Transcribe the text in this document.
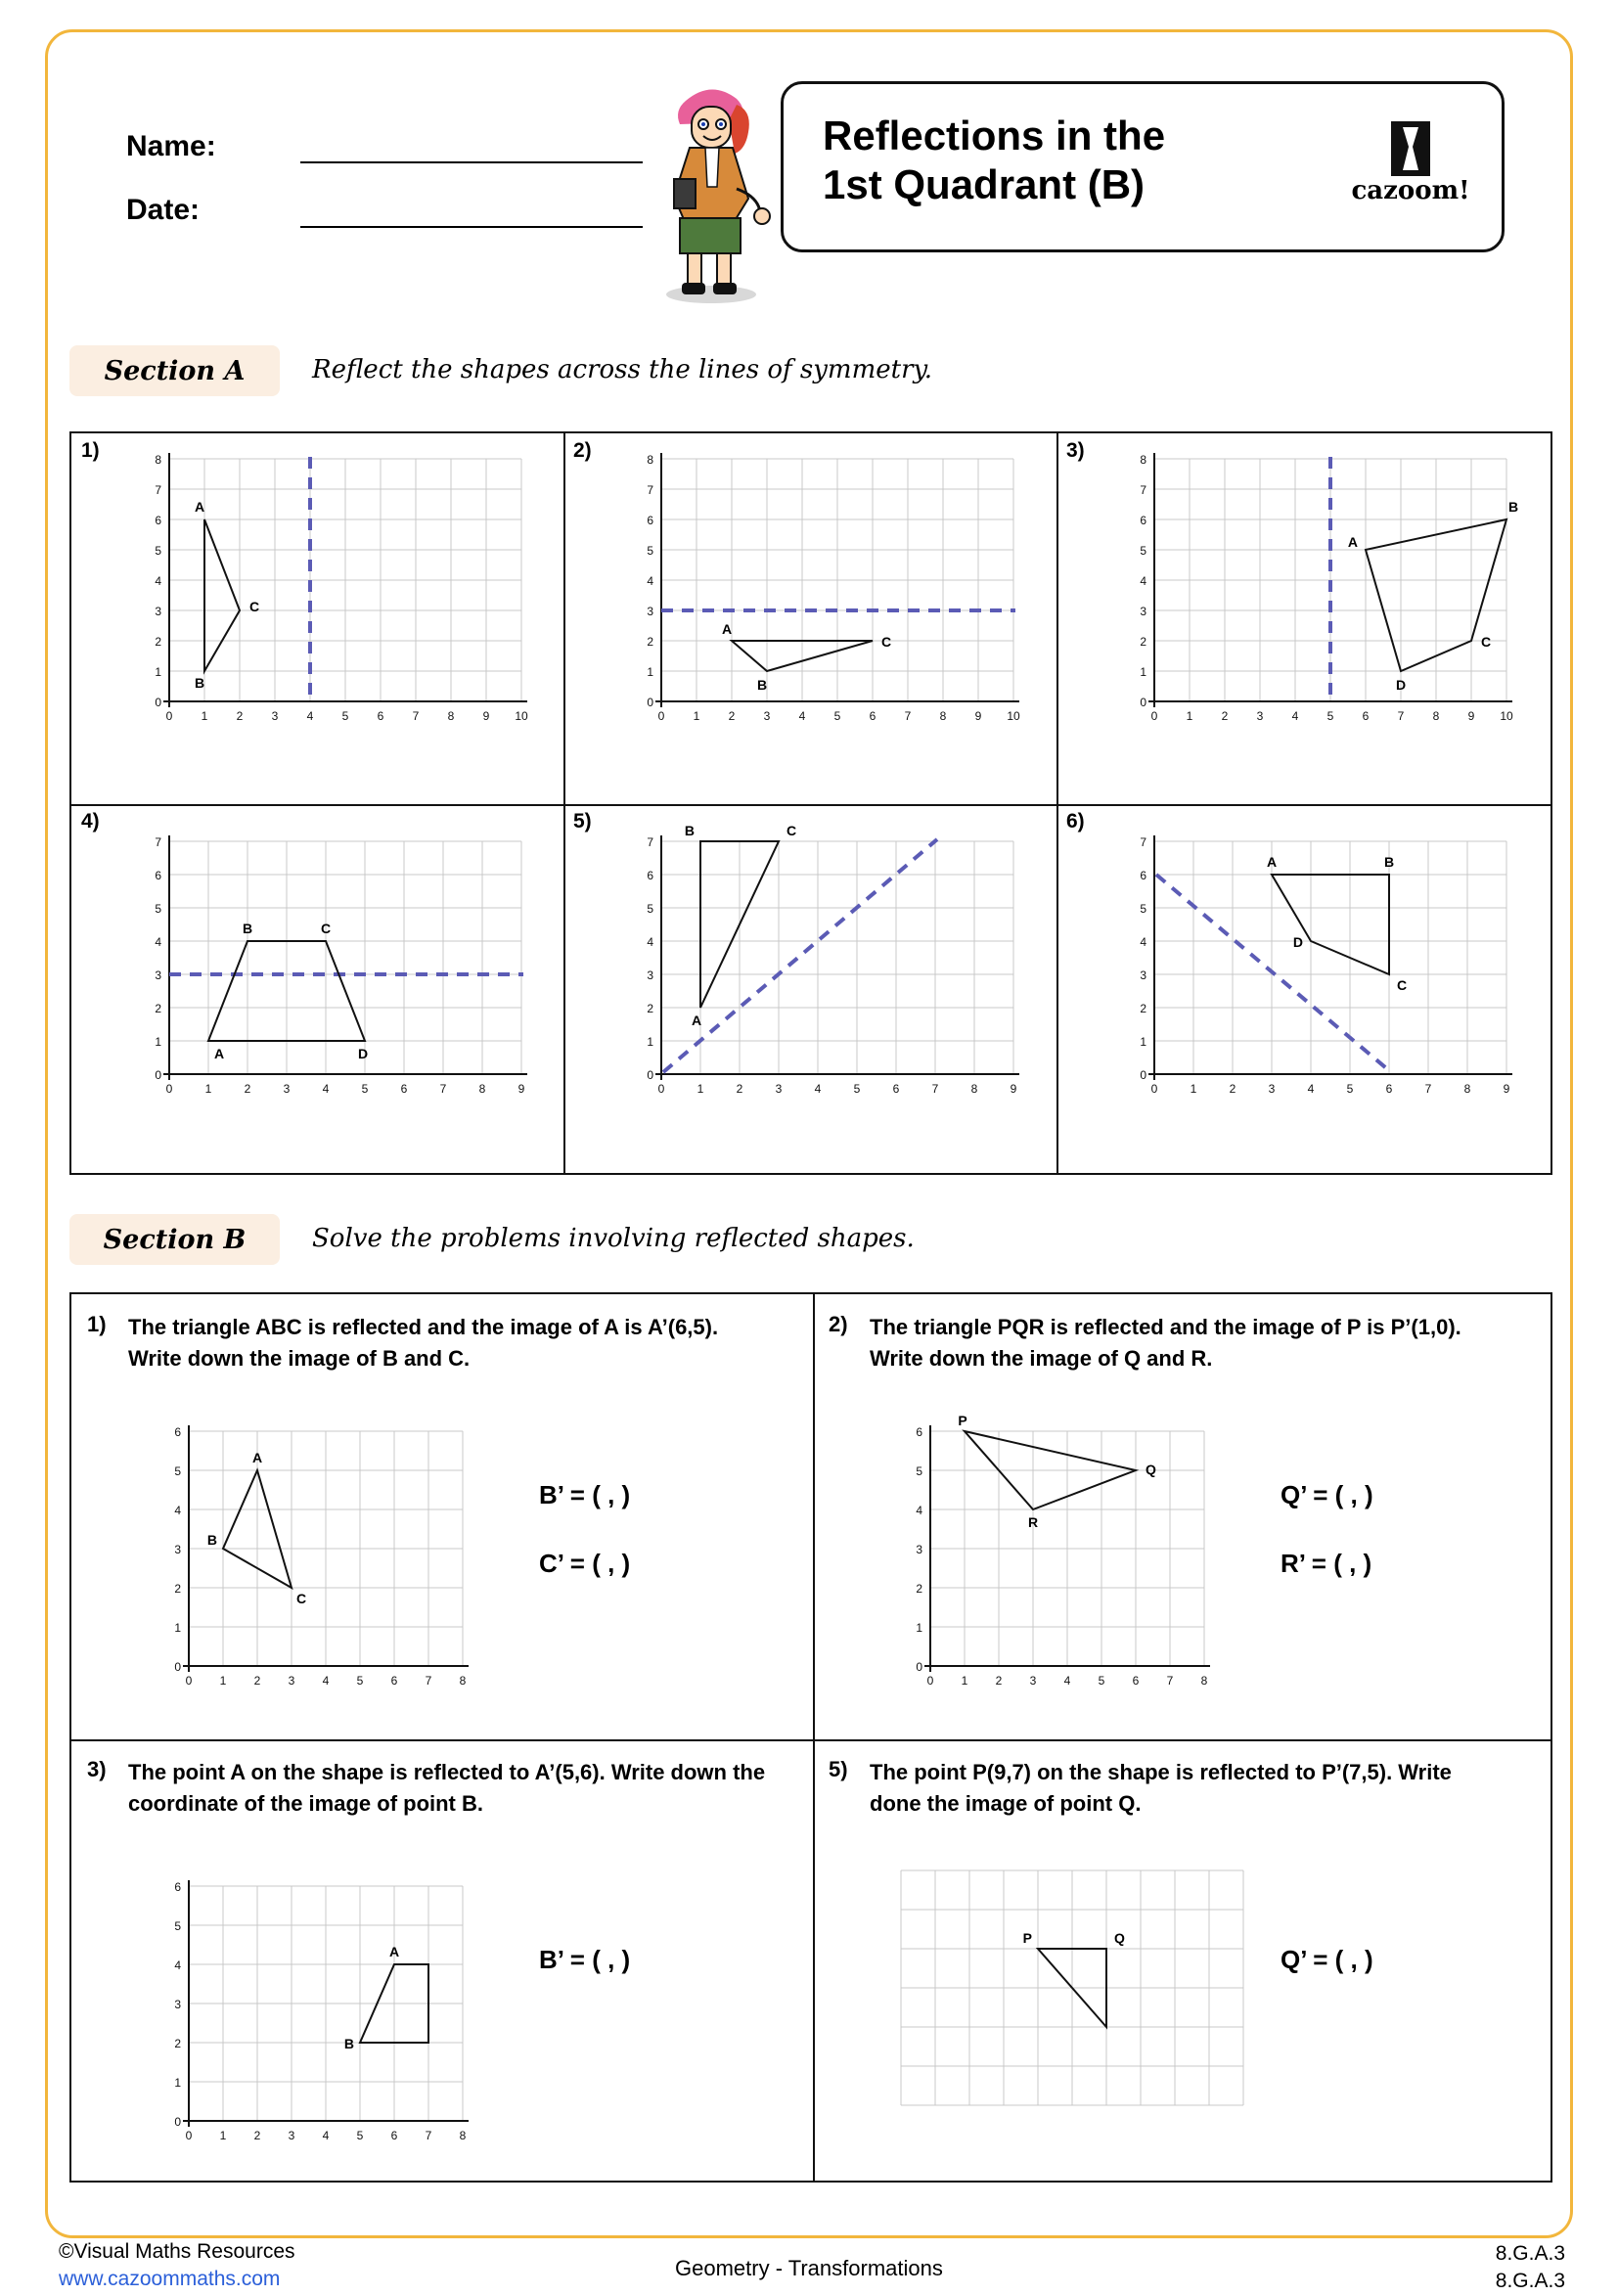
Name:
Date:
Reflections in the
1st Quadrant (B)	cazoom!
Section A	Reflect the shapes across the lines of symmetry.
1)
0 1 2 3 4 5 6 7 8 9 10
8
7
6
5
4
3
2
1
0
A
B
C
2)
0 1 2 3 4 5 6 7 8 9 10
8
7
6
5
4
3
2
1
0
A
B
C
3)
0 1 2 3 4 5 6 7 8 9 10
8
7
6
5
4
3
2
1
0
A
B
C
D
4)
0	1	2	3	4	5	6	7	8	9
7
6
5
4
3
2
1
0
A
B	C
D
5)
0	1	2	3	4	5	6	7	8	9
7
6
5
4
3
2
1
0
B	C
A
6)
0	1	2	3	4	5	6	7	8	9
7
6
5
4
3
2
1
0
A	B
C
D
Section B	Solve the problems involving reflected shapes.
1) The triangle ABC is reflected and the image of A is A’(6,5). Write down the image of B and C.
B’ = ( , )
C’ = ( , )
0 1 2 3 4 5 6 7 8
6
5
4
3
2
1
0
A
B
C
2) The triangle PQR is reflected and the image of P is P’(1,0). Write down the image of Q and R.
Q’ = ( , )
R’ = ( , )
0 1 2 3 4 5 6 7 8
6
5
4
3
2
1
0
P
Q
R
3) The point A on the shape is reflected to A’(5,6). Write down the coordinate of the image of point B.
B’ = ( , )
0 1 2 3 4 5 6 7 8
6
5
4
3
2
1
0
A
B
5) The point P(9,7) on the shape is reflected to P’(7,5). Write done the image of point Q.
Q’ = ( , )
P	Q
©Visual Maths Resources
www.cazoommaths.com	Geometry - Transformations
8.G.A.3
8.G.A.3
